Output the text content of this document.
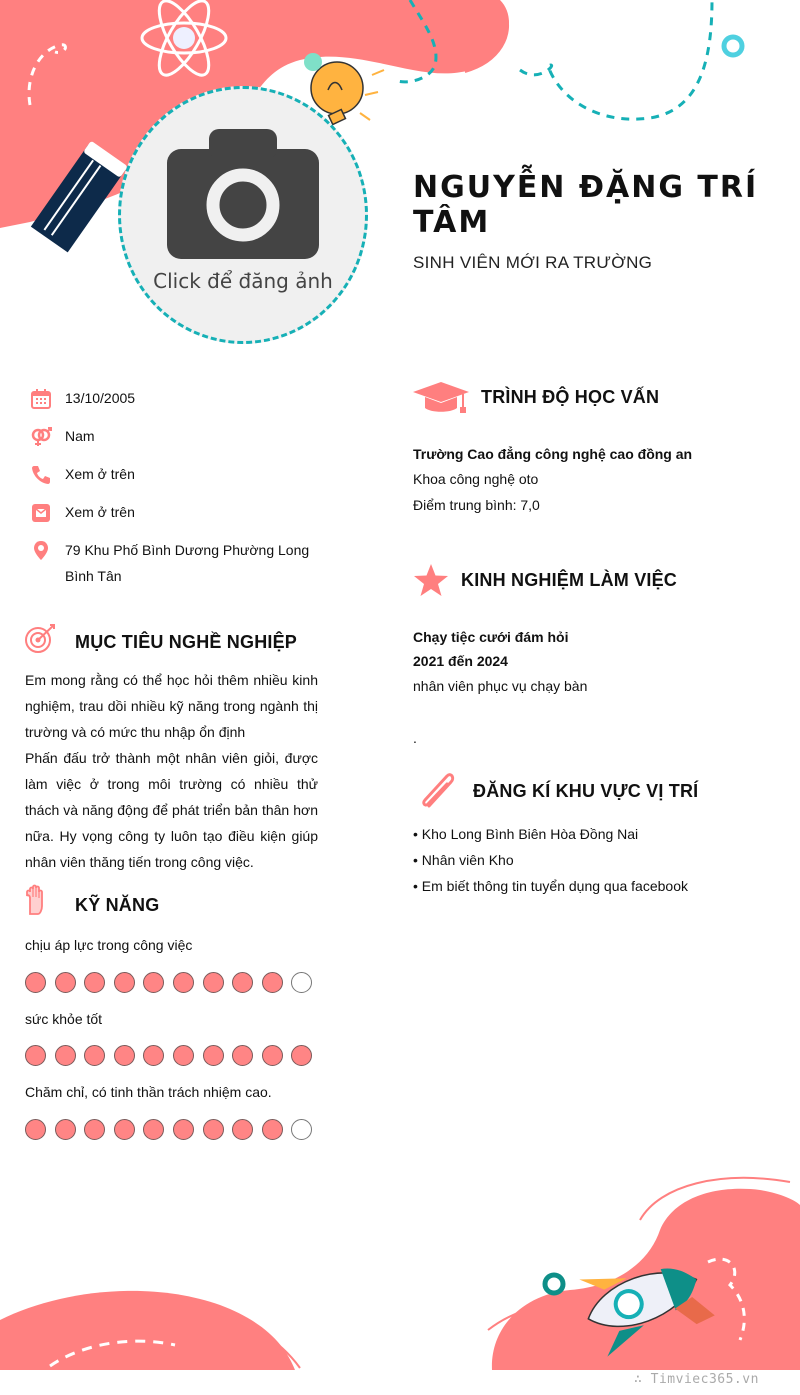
Click để đăng ảnh
NGUYỄN ĐẶNG TRÍ TÂM
SINH VIÊN MỚI RA TRƯỜNG
13/10/2005
Nam
Xem ở trên
Xem ở trên
79 Khu Phố Bình Dương Phường Long Bình Tân
MỤC TIÊU NGHỀ NGHIỆP
Em mong rằng có thể học hỏi thêm nhiều kinh nghiệm, trau dồi nhiều kỹ năng trong ngành thị trường và có mức thu nhập ổn định
Phấn đấu trở thành một nhân viên giỏi, được làm việc ở trong môi trường có nhiều thử thách và năng động để phát triển bản thân hơn nữa. Hy vọng công ty luôn tạo điều kiện giúp nhân viên thăng tiến trong công việc.
KỸ NĂNG
chịu áp lực trong công việc
sức khỏe tốt
Chăm chỉ, có tinh thần trách nhiệm cao.
TRÌNH ĐỘ HỌC VẤN
Trường Cao đẳng công nghệ cao đồng an
Khoa công nghệ oto
Điểm trung bình: 7,0
KINH NGHIỆM LÀM VIỆC
Chạy tiệc cưới đám hỏi
2021 đến 2024
nhân viên phục vụ chạy bàn
.
ĐĂNG KÍ KHU VỰC VỊ TRÍ
• Kho Long Bình Biên Hòa Đồng Nai
• Nhân viên Kho
• Em biết thông tin tuyển dụng qua facebook
∴ Timviec365.vn
